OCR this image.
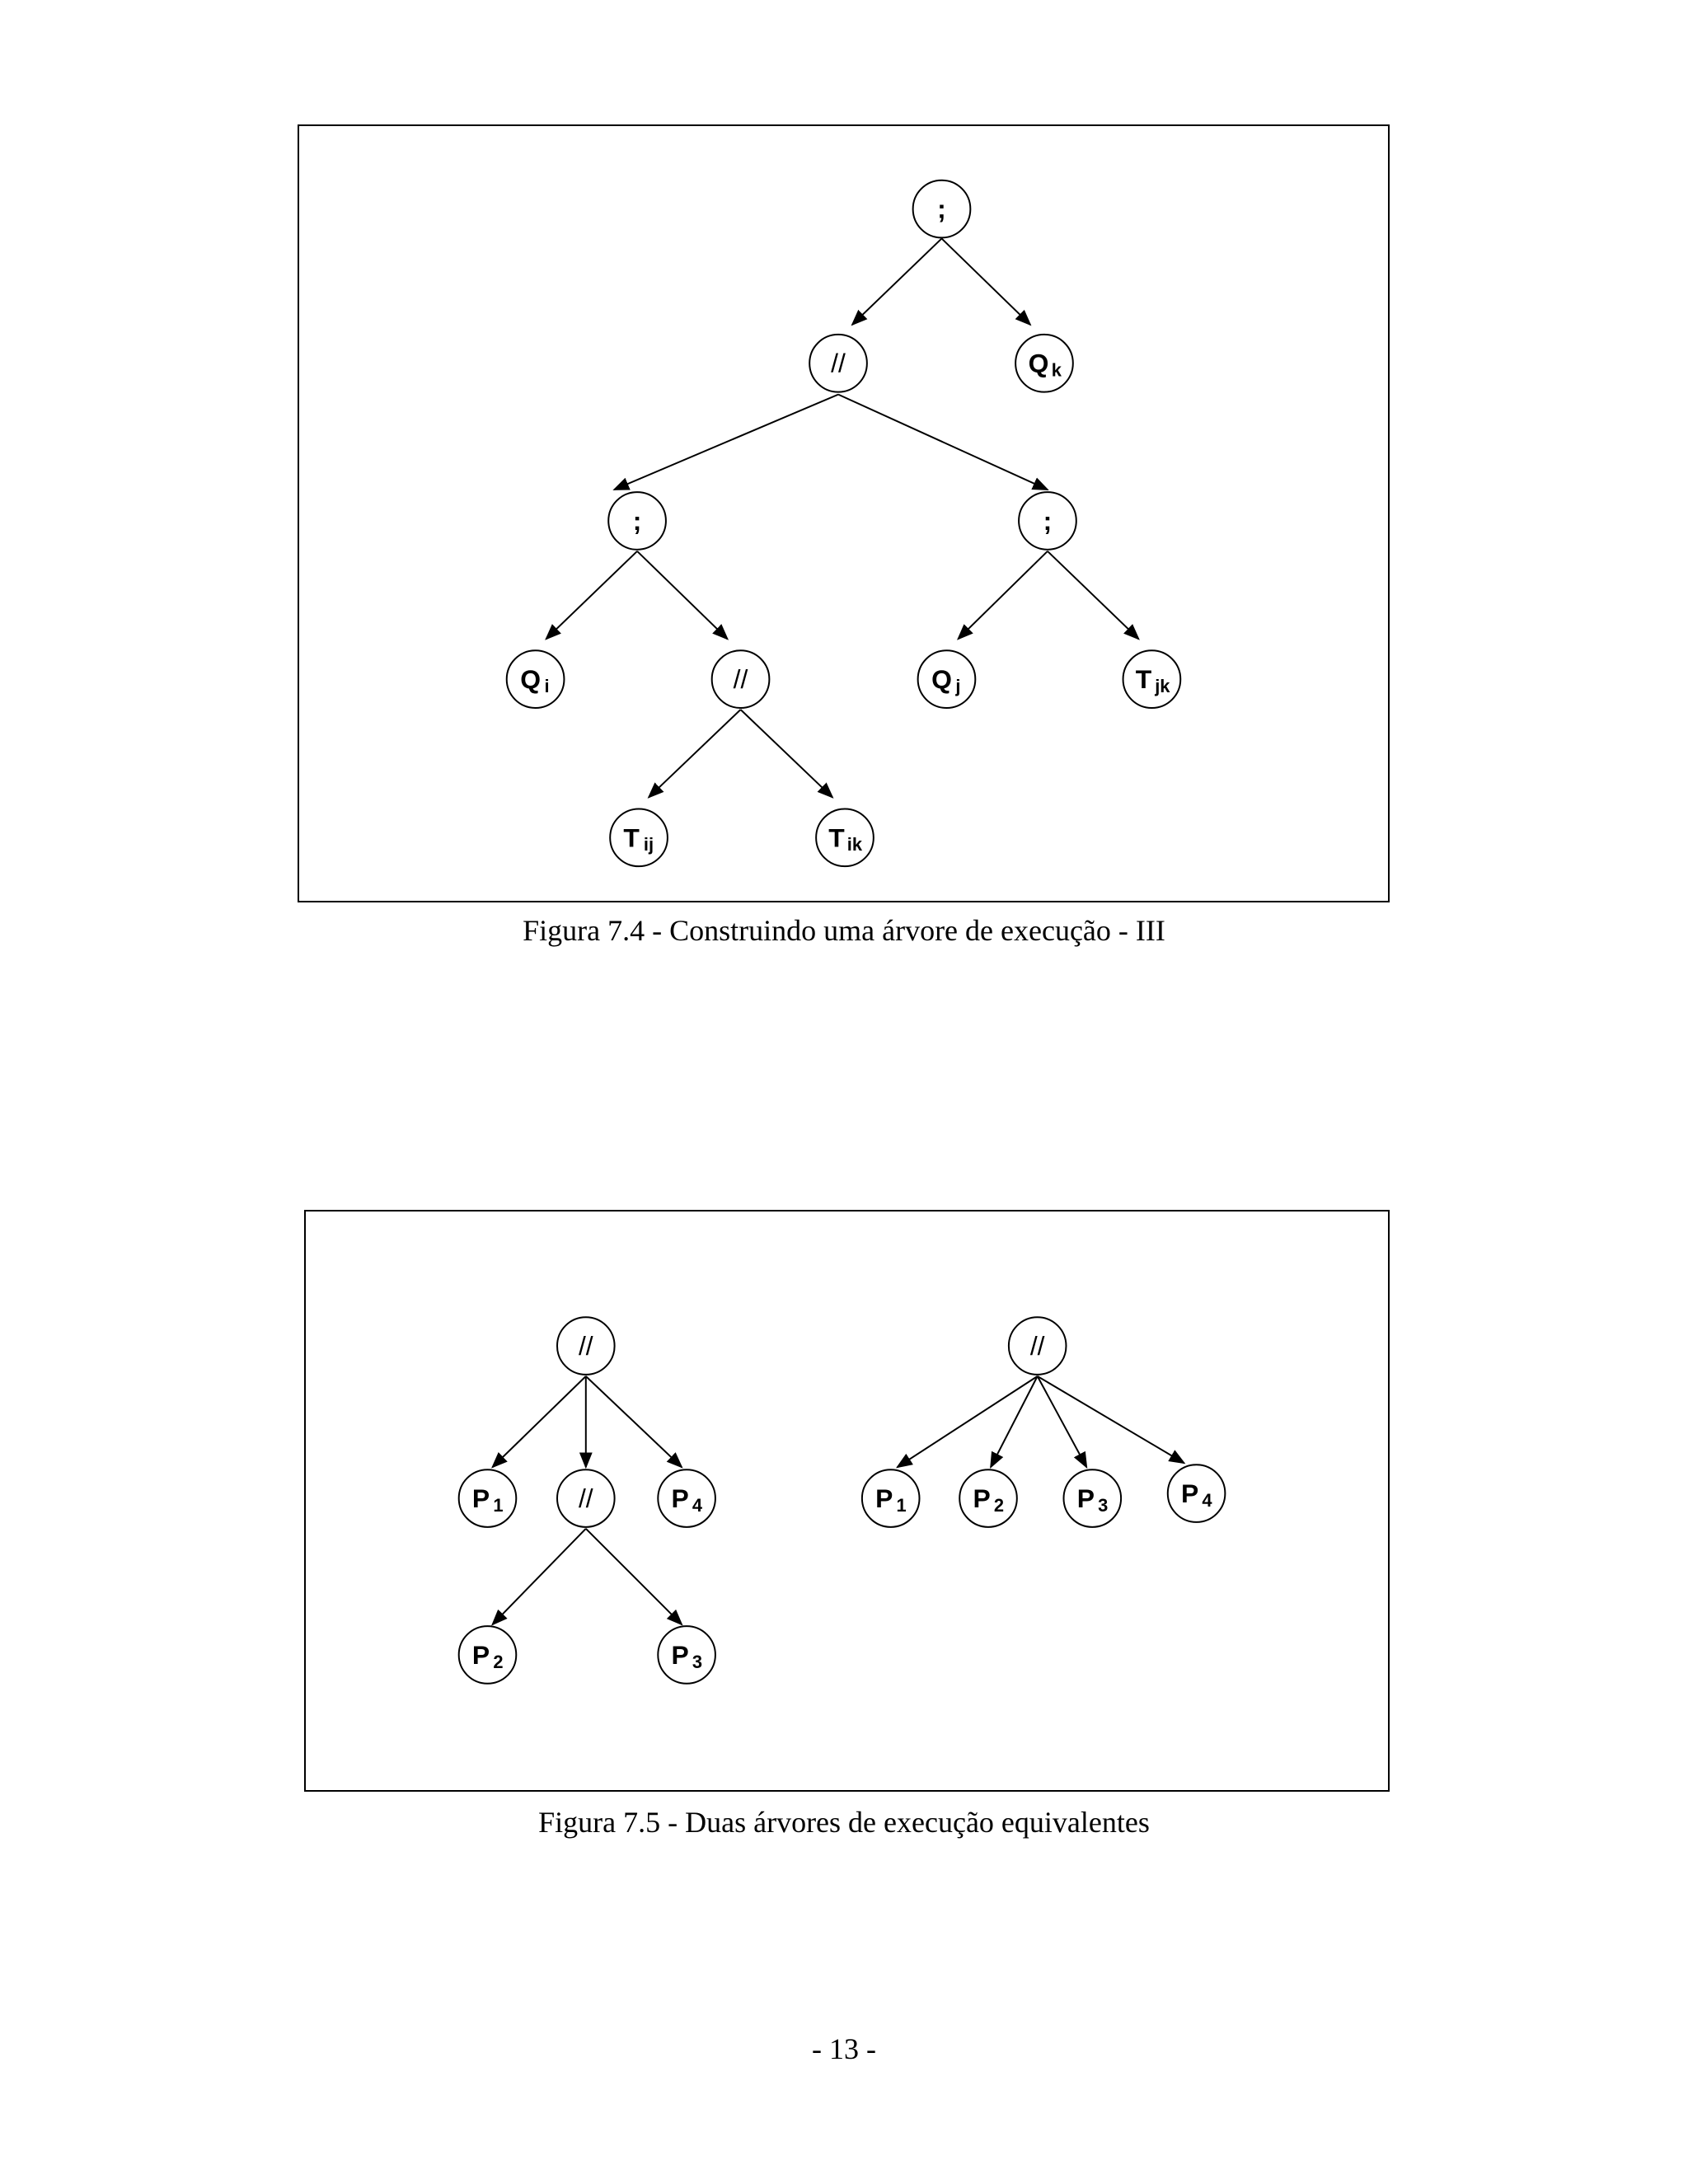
;
//	Q k
;	;
Q i	//	Q j	T jk
T ij	T ik
Figura 7.4 - Construindo uma árvore de execução - III
//
P 1	//	P 4
P 2	P 3
//
P 1	P 2	P 3	P 4
Figura 7.5 - Duas árvores de execução equivalentes
- 13 -
